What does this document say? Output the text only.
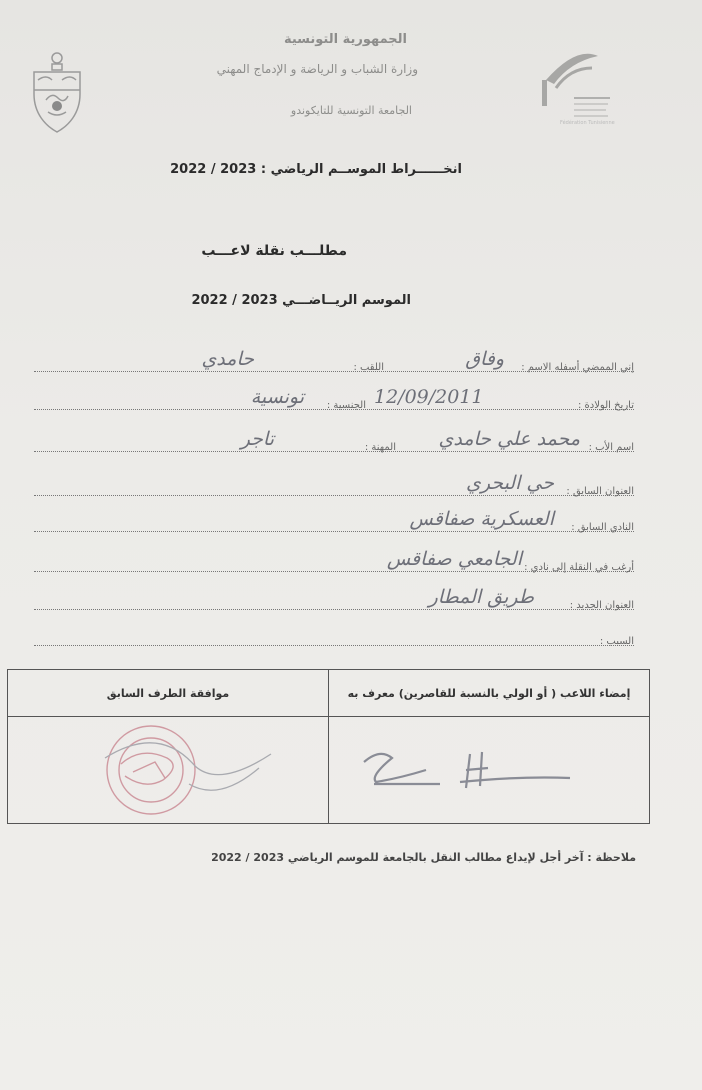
Fédération Tunisienne
الجمهورية التونسية
وزارة الشباب و الرياضة و الإدماج المهني
الجامعة التونسية للتايكوندو
انخــــــراط الموســم الرياضي : 2023 / 2022
مطلـــب نقلة لاعـــب
الموسم الريــاضـــي 2023 / 2022
إني الممضي أسفله الاسم :
وفاق
اللقب :
حامدي
تاريخ الولادة :
12/09/2011
الجنسية :
تونسية
اسم الأب :
محمد علي حامدي
المهنة :
تاجر
العنوان السابق :
حي البحري
النادي السابق :
العسكرية صفاقس
أرغب في النقلة إلى نادي :
الجامعي صفاقس
العنوان الجديد :
طريق المطار
السبب :
موافقة الطرف السابق	إمضاء اللاعب ( أو الولي بالنسبة للقاصرين) معرف به

ملاحظة : آخر أجل لإيداع مطالب النقل بالجامعة للموسم الرياضي 2023 / 2022
